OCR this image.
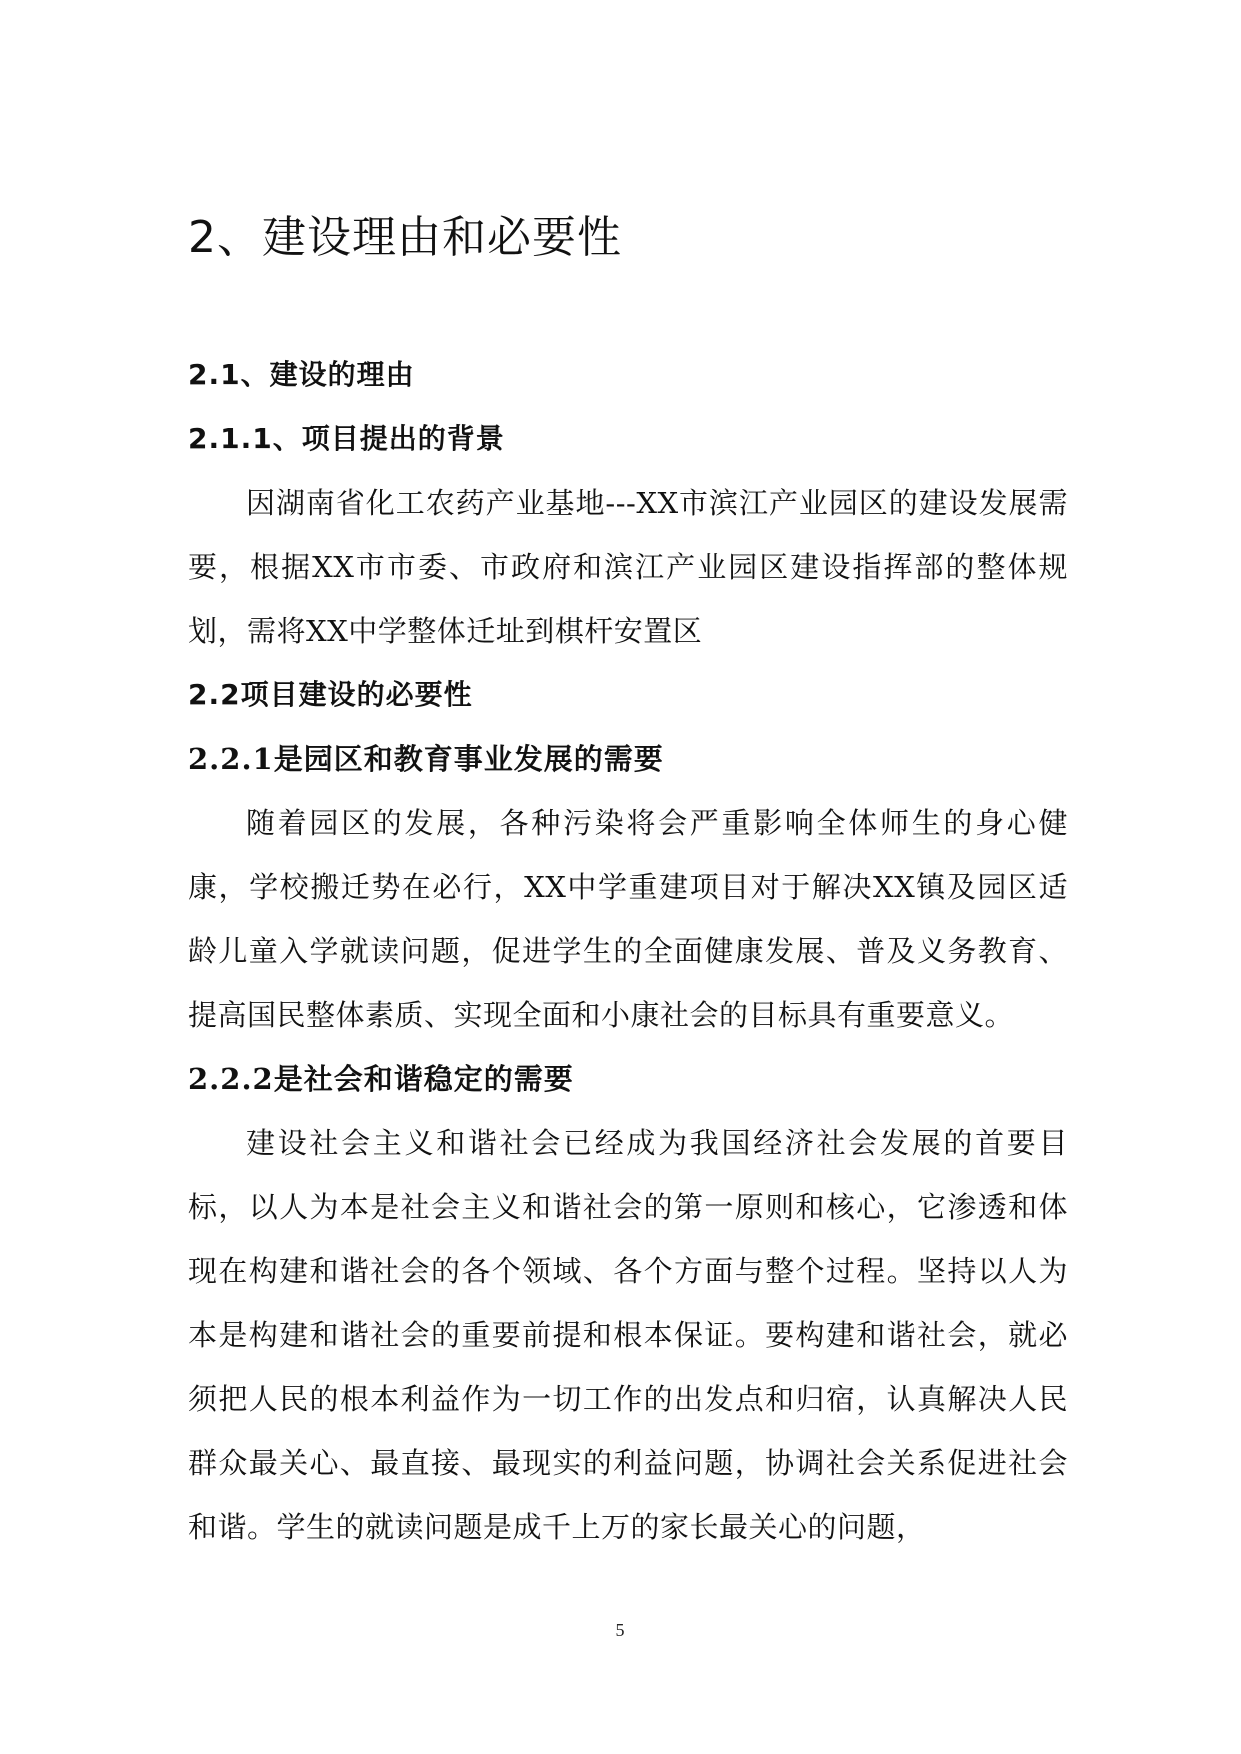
2、建设理由和必要性
2.1、建设的理由
2.1.1、项目提出的背景

因湖南省化工农药产业基地---XX市滨江产业园区的建设发展需要，根据XX市市委、市政府和滨江产业园区建设指挥部的整体规划，需将XX中学整体迁址到棋杆安置区

2.2项目建设的必要性
2.2.1是园区和教育事业发展的需要

随着园区的发展，各种污染将会严重影响全体师生的身心健康，学校搬迁势在必行，XX中学重建项目对于解决XX镇及园区适龄儿童入学就读问题，促进学生的全面健康发展、普及义务教育、提高国民整体素质、实现全面和小康社会的目标具有重要意义。

2.2.2是社会和谐稳定的需要

建设社会主义和谐社会已经成为我国经济社会发展的首要目标，以人为本是社会主义和谐社会的第一原则和核心，它渗透和体现在构建和谐社会的各个领域、各个方面与整个过程。坚持以人为本是构建和谐社会的重要前提和根本保证。要构建和谐社会，就必须把人民的根本利益作为一切工作的出发点和归宿，认真解决人民群众最关心、最直接、最现实的利益问题，协调社会关系促进社会和谐。学生的就读问题是成千上万的家长最关心的问题，

5
